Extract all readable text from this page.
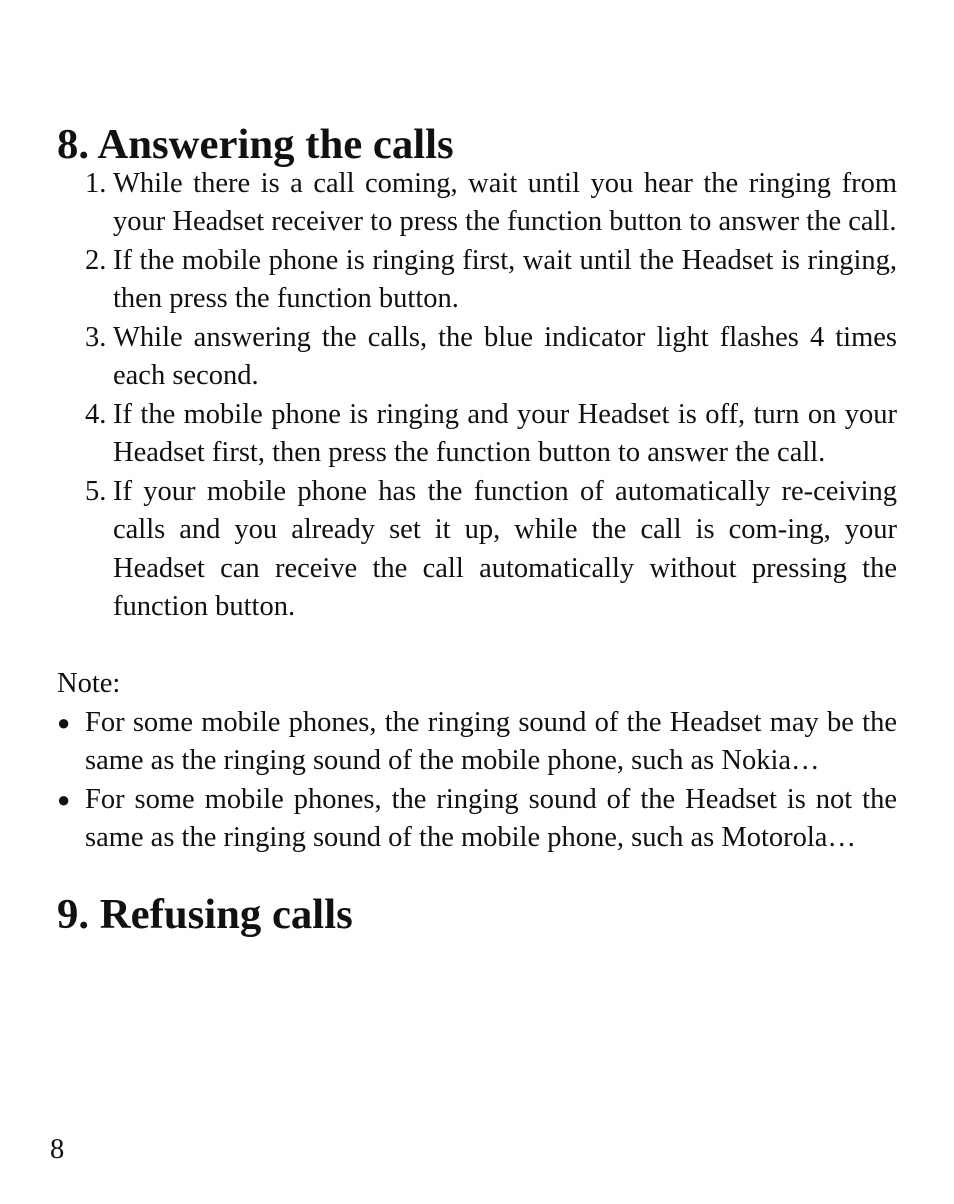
8. Answering the calls
1. While there is a call coming, wait until you hear the ringing from your Headset receiver to press the function button to answer the call.
2. If the mobile phone is ringing first, wait until the Headset is ringing, then press the function button.
3. While answering the calls, the blue indicator light flashes 4 times each second.
4. If the mobile phone is ringing and your Headset is off, turn on your Headset first, then press the function button to answer the call.
5. If your mobile phone has the function of automatically re-ceiving calls and you already set it up, while the call is com-ing, your Headset can receive the call automatically without pressing the function button.

Note:

● For some mobile phones, the ringing sound of the Headset may be the same as the ringing sound of the mobile phone, such as Nokia…
● For some mobile phones, the ringing sound of the Headset is not the same as the ringing sound of the mobile phone, such as Motorola…
9. Refusing calls
8
